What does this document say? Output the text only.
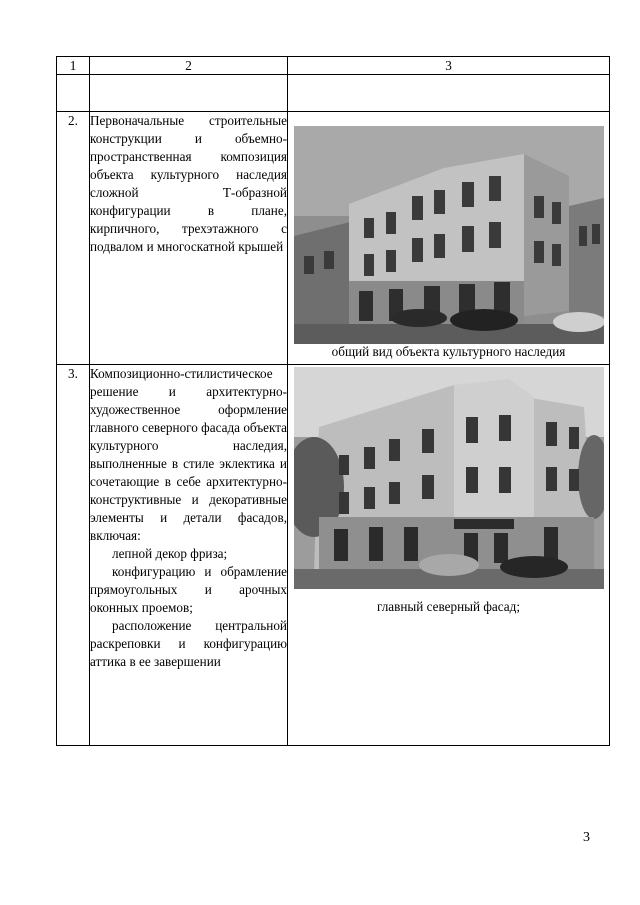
1	2	3

2.	Первоначальные строительные конструкции и объемно-пространственная композиция объекта культурного наследия сложной Т-образной конфигурации в плане, кирпичного, трехэтажного с подвалом и многоскатной крышей	общий вид объекта культурного наследия

3.	Композиционно-стилистическое решение и архитектурно-художественное оформление главного северного фасада объекта культурного наследия, выполненные в стиле эклектика и сочетающие в себе архитектурно-конструктивные и декоративные элементы и детали фасадов, включая:

лепной декор фриза;

конфигурацию и обрамление прямоугольных и арочных оконных проемов;

расположение центральной раскреповки и конфигурацию аттика в ее завершении	главный северный фасад;
3
